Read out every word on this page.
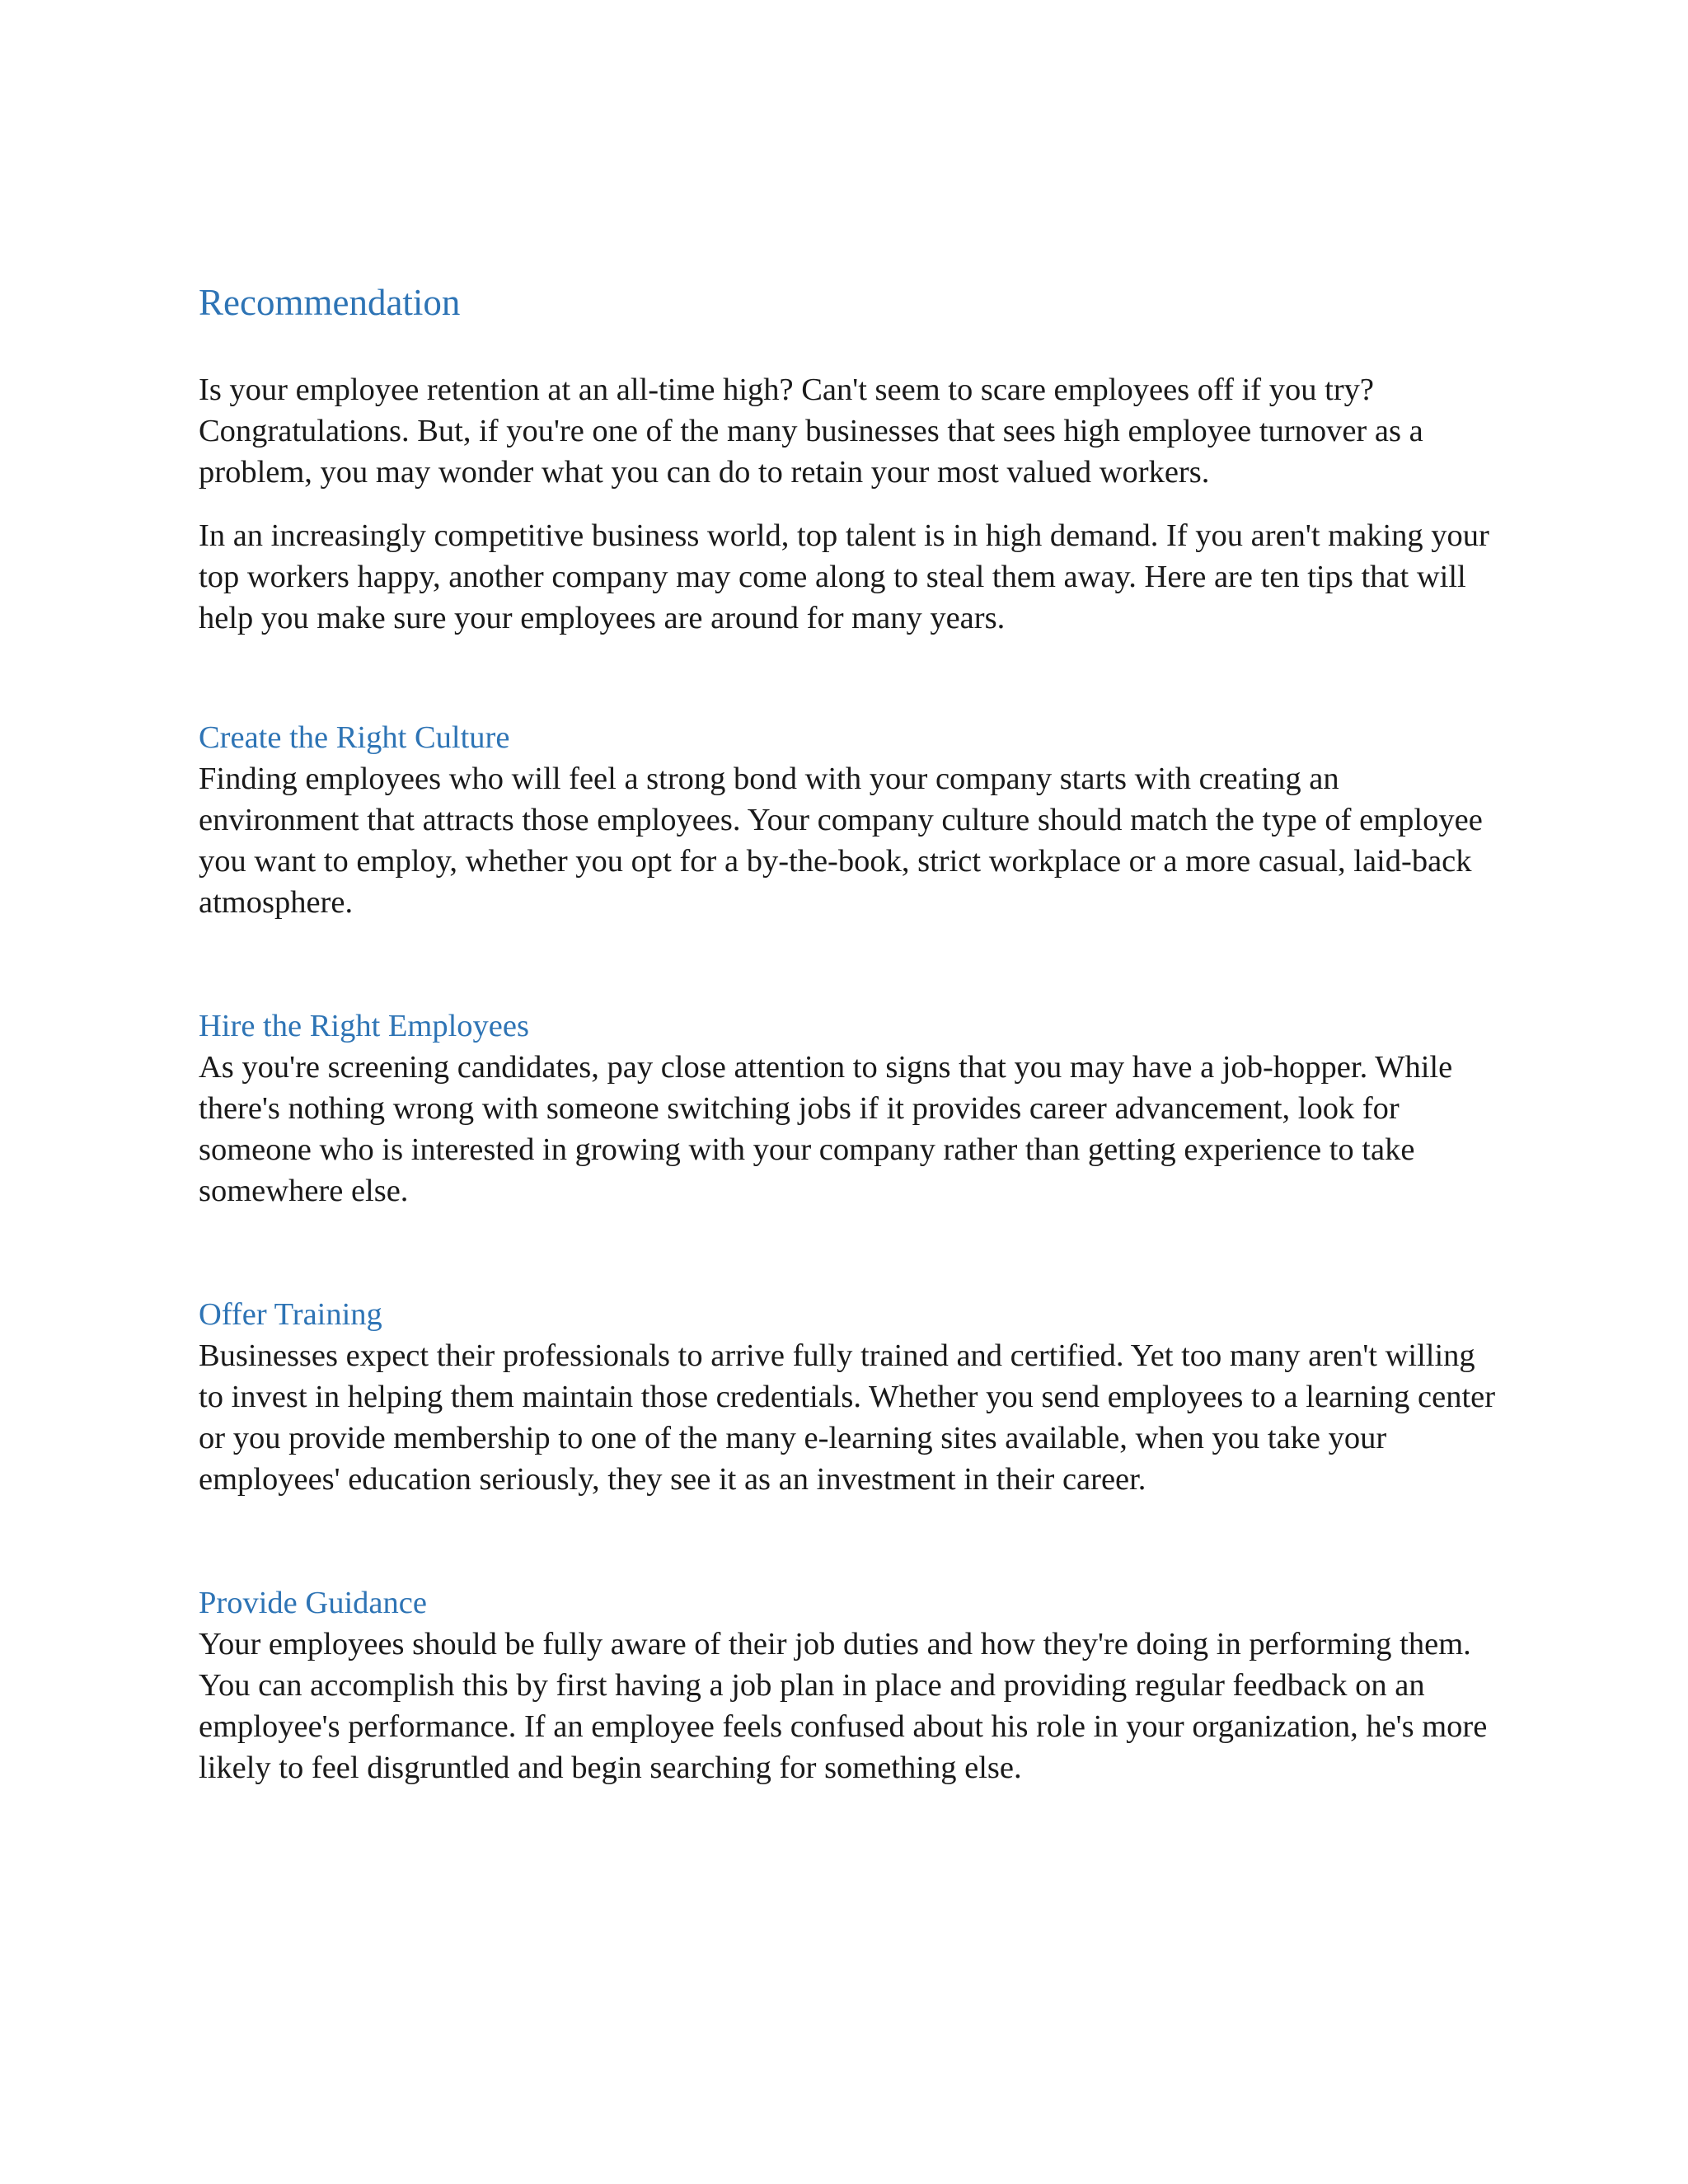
Recommendation

Is your employee retention at an all-time high? Can't seem to scare employees off if you try? Congratulations. But, if you're one of the many businesses that sees high employee turnover as a problem, you may wonder what you can do to retain your most valued workers.

In an increasingly competitive business world, top talent is in high demand. If you aren't making your top workers happy, another company may come along to steal them away. Here are ten tips that will help you make sure your employees are around for many years.

Create the Right Culture

Finding employees who will feel a strong bond with your company starts with creating an environment that attracts those employees. Your company culture should match the type of employee you want to employ, whether you opt for a by-the-book, strict workplace or a more casual, laid-back atmosphere.

Hire the Right Employees

As you're screening candidates, pay close attention to signs that you may have a job-hopper. While there's nothing wrong with someone switching jobs if it provides career advancement, look for someone who is interested in growing with your company rather than getting experience to take somewhere else.

Offer Training

Businesses expect their professionals to arrive fully trained and certified. Yet too many aren't willing to invest in helping them maintain those credentials. Whether you send employees to a learning center or you provide membership to one of the many e-learning sites available, when you take your employees' education seriously, they see it as an investment in their career.

Provide Guidance

Your employees should be fully aware of their job duties and how they're doing in performing them. You can accomplish this by first having a job plan in place and providing regular feedback on an employee's performance. If an employee feels confused about his role in your organization, he's more likely to feel disgruntled and begin searching for something else.
